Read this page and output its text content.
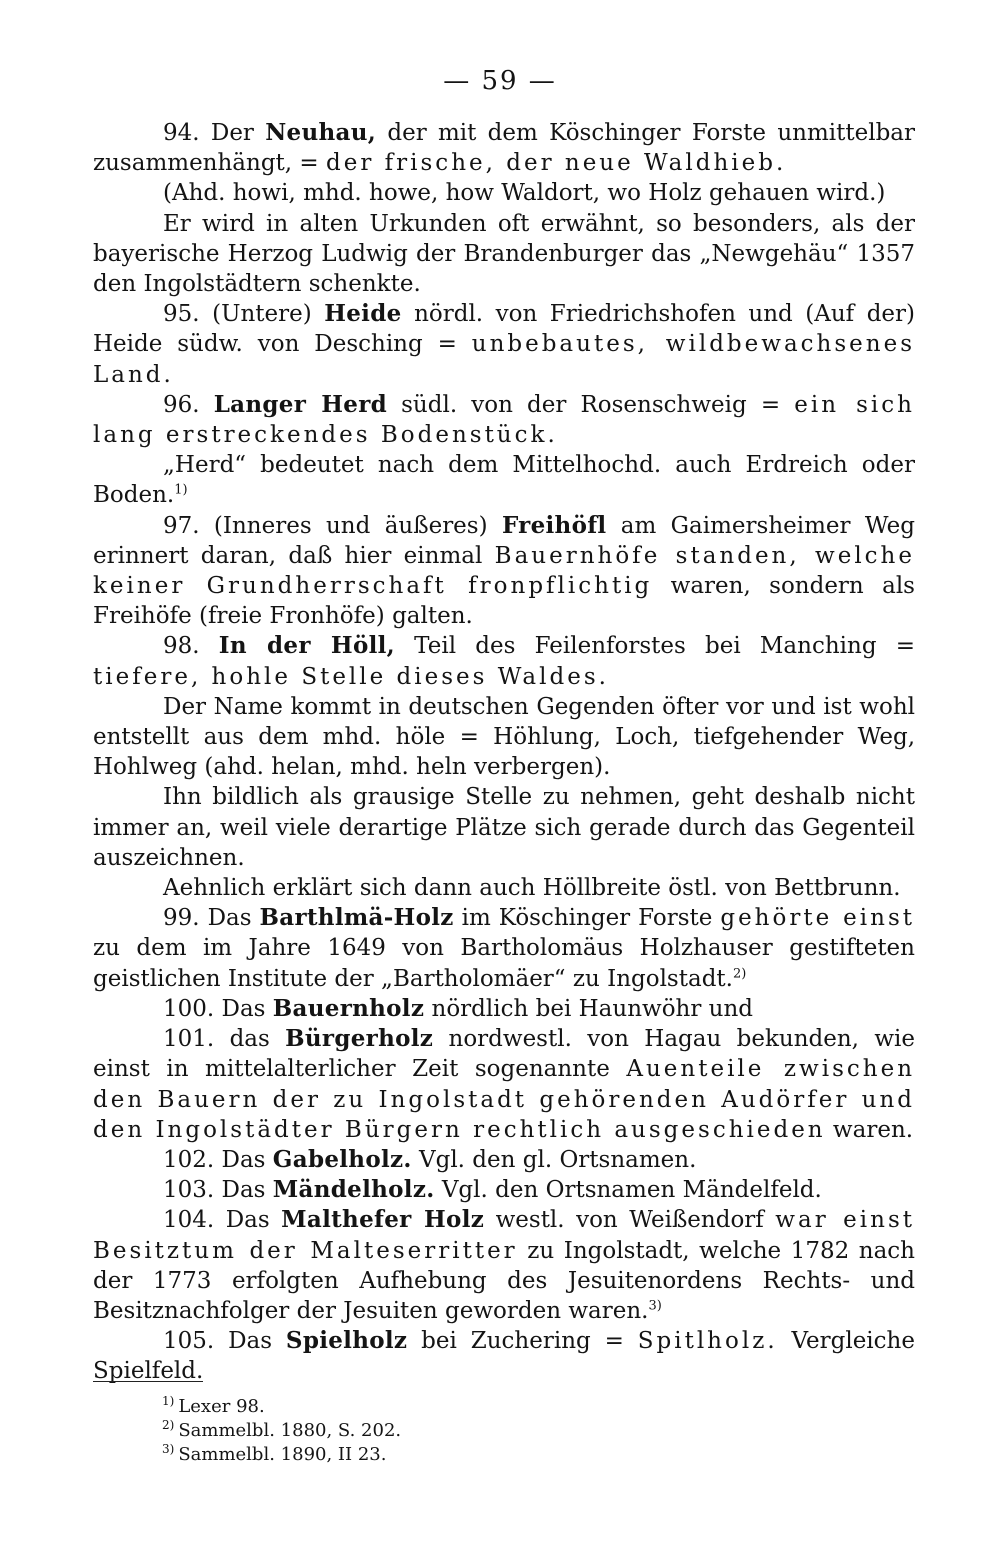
— 59 —

94. Der Neuhau, der mit dem Köschinger Forste unmittelbar zusammenhängt, = der frische, der neue Waldhieb.

(Ahd. howi, mhd. howe, how Waldort, wo Holz gehauen wird.)

Er wird in alten Urkunden oft erwähnt, so besonders, als der bayerische Herzog Ludwig der Brandenburger das „Newgehäu“ 1357 den Ingolstädtern schenkte.

95. (Untere) Heide nördl. von Friedrichshofen und (Auf der) Heide südw. von Desching = unbebautes, wildbewachsenes Land.

96. Langer Herd südl. von der Rosenschweig = ein sich lang erstreckendes Bodenstück.

„Herd“ bedeutet nach dem Mittelhochd. auch Erdreich oder Boden.$^{1)}$

97. (Inneres und äußeres) Freihöfl am Gaimersheimer Weg erinnert daran, daß hier einmal Bauernhöfe standen, welche keiner Grundherrschaft fronpflichtig waren, sondern als Freihöfe (freie Fronhöfe) galten.

98. In der Höll, Teil des Feilenforstes bei Manching = tiefere, hohle Stelle dieses Waldes.

Der Name kommt in deutschen Gegenden öfter vor und ist wohl entstellt aus dem mhd. höle = Höhlung, Loch, tiefgehender Weg, Hohlweg (ahd. helan, mhd. heln verbergen).

Ihn bildlich als grausige Stelle zu nehmen, geht deshalb nicht immer an, weil viele derartige Plätze sich gerade durch das Gegenteil auszeichnen.

Aehnlich erklärt sich dann auch Höllbreite östl. von Bettbrunn.

99. Das Barthlmä-Holz im Köschinger Forste gehörte einst zu dem im Jahre 1649 von Bartholomäus Holzhauser gestifteten geistlichen Institute der „Bartholomäer“ zu Ingolstadt.$^{2)}$

100. Das Bauernholz nördlich bei Haunwöhr und

101. das Bürgerholz nordwestl. von Hagau bekunden, wie einst in mittelalterlicher Zeit sogenannte Auenteile zwischen den Bauern der zu Ingolstadt gehörenden Audörfer und den Ingolstädter Bürgern rechtlich ausgeschieden waren.

102. Das Gabelholz. Vgl. den gl. Ortsnamen.

103. Das Mändelholz. Vgl. den Ortsnamen Mändelfeld.

104. Das Malthefer Holz westl. von Weißendorf war einst Besitztum der Malteserritter zu Ingolstadt, welche 1782 nach der 1773 erfolgten Aufhebung des Jesuitenordens Rechts- und Besitznachfolger der Jesuiten geworden waren.$^{3)}$

105. Das Spielholz bei Zuchering = Spitlholz. Vergleiche Spielfeld.

$^{1)}$ Lexer 98.

$^{2)}$ Sammelbl. 1880, S. 202.

$^{3)}$ Sammelbl. 1890, II 23.
